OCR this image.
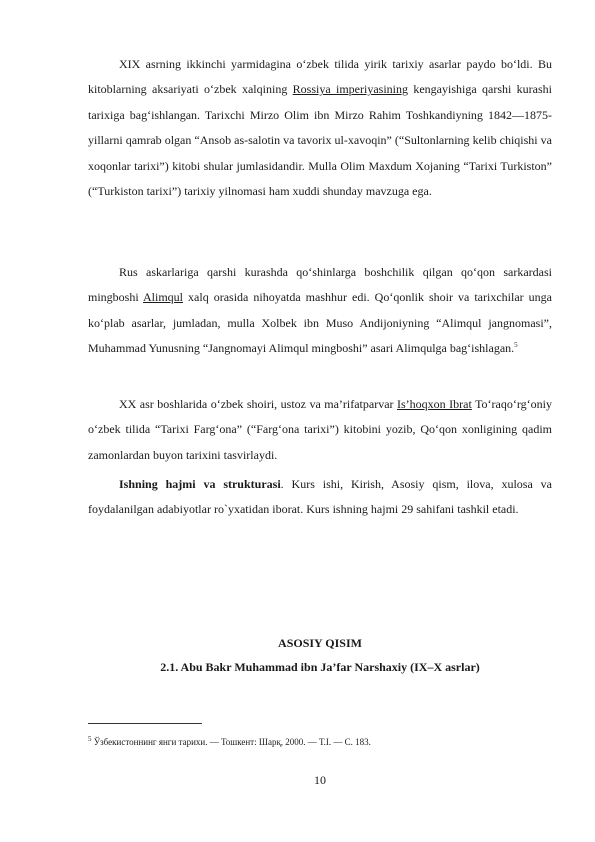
XIX asrning ikkinchi yarmidagina o‘zbek tilida yirik tarixiy asarlar paydo bo‘ldi. Bu kitoblarning aksariyati o‘zbek xalqining Rossiya imperiyasining kengayishiga qarshi kurashi tarixiga bag‘ishlangan. Tarixchi Mirzo Olim ibn Mirzo Rahim Toshkandiyning 1842—1875-yillarni qamrab olgan “Ansob as-salotin va tavorix ul-xavoqin” (“Sultonlarning kelib chiqishi va xoqonlar tarixi”) kitobi shular jumlasidandir. Mulla Olim Maxdum Xojaning “Tarixi Turkiston” (“Turkiston tarixi”) tarixiy yilnomasi ham xuddi shunday mavzuga ega.

Rus askarlariga qarshi kurashda qo‘shinlarga boshchilik qilgan qo‘qon sarkardasi mingboshi Alimqul xalq orasida nihoyatda mashhur edi. Qo‘qonlik shoir va tarixchilar unga ko‘plab asarlar, jumladan, mulla Xolbek ibn Muso Andijoniyning “Alimqul jangnomasi”, Muhammad Yunusning “Jangnomayi Alimqul mingboshi” asari Alimqulga bag‘ishlagan.$^5$

XX asr boshlarida o‘zbek shoiri, ustoz va ma’rifatparvar Is’hoqxon Ibrat To‘raqo‘rg‘oniy o‘zbek tilida “Tarixi Farg‘ona” (“Farg‘ona tarixi”) kitobini yozib, Qo‘qon xonligining qadim zamonlardan buyon tarixini tasvirlaydi.

Ishning hajmi va strukturasi. Kurs ishi, Kirish, Asosiy qism, ilova, xulosa va foydalanilgan adabiyotlar ro`yxatidan iborat. Kurs ishning hajmi 29 sahifani tashkil etadi.

ASOSIY QISIM

2.1. Abu Bakr Muhammad ibn Ja’far Narshaxiy (IX–X asrlar)

$^5$ Ўзбекистоннинг янги тарихи. — Тошкент: Шарқ, 2000. — Т.I. — С. 183.

10
